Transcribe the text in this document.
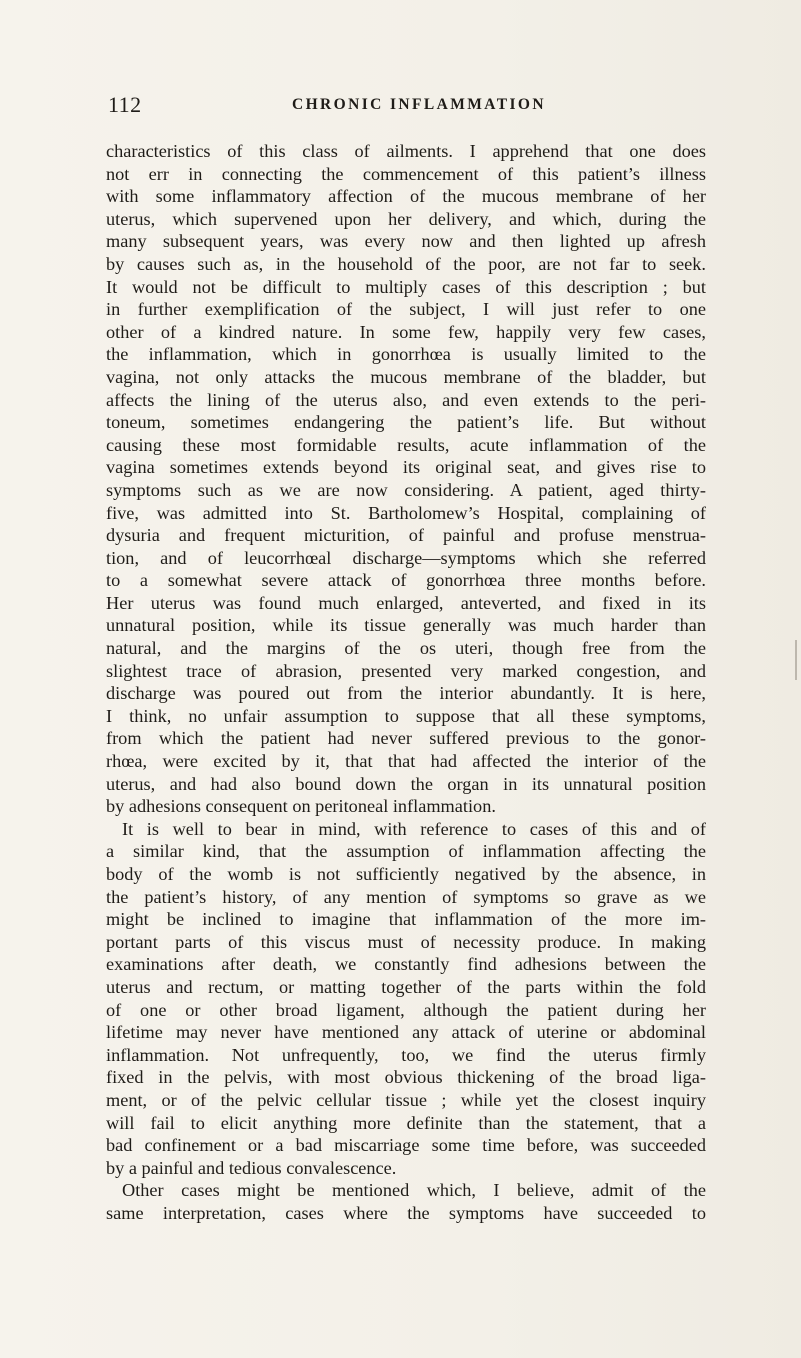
112	CHRONIC INFLAMMATION
characteristics of this class of ailments. I apprehend that one does
not err in connecting the commencement of this patient’s illness
with some inflammatory affection of the mucous membrane of her
uterus, which supervened upon her delivery, and which, during the
many subsequent years, was every now and then lighted up afresh
by causes such as, in the household of the poor, are not far to seek.
It would not be difficult to multiply cases of this description ; but
in further exemplification of the subject, I will just refer to one
other of a kindred nature. In some few, happily very few cases,
the inflammation, which in gonorrhœa is usually limited to the
vagina, not only attacks the mucous membrane of the bladder, but
affects the lining of the uterus also, and even extends to the peri-
toneum, sometimes endangering the patient’s life. But without
causing these most formidable results, acute inflammation of the
vagina sometimes extends beyond its original seat, and gives rise to
symptoms such as we are now considering. A patient, aged thirty-
five, was admitted into St. Bartholomew’s Hospital, complaining of
dysuria and frequent micturition, of painful and profuse menstrua-
tion, and of leucorrhœal discharge—symptoms which she referred
to a somewhat severe attack of gonorrhœa three months before.
Her uterus was found much enlarged, anteverted, and fixed in its
unnatural position, while its tissue generally was much harder than
natural, and the margins of the os uteri, though free from the
slightest trace of abrasion, presented very marked congestion, and
discharge was poured out from the interior abundantly. It is here,
I think, no unfair assumption to suppose that all these symptoms,
from which the patient had never suffered previous to the gonor-
rhœa, were excited by it, that that had affected the interior of the
uterus, and had also bound down the organ in its unnatural position
by adhesions consequent on peritoneal inflammation.
It is well to bear in mind, with reference to cases of this and of
a similar kind, that the assumption of inflammation affecting the
body of the womb is not sufficiently negatived by the absence, in
the patient’s history, of any mention of symptoms so grave as we
might be inclined to imagine that inflammation of the more im-
portant parts of this viscus must of necessity produce. In making
examinations after death, we constantly find adhesions between the
uterus and rectum, or matting together of the parts within the fold
of one or other broad ligament, although the patient during her
lifetime may never have mentioned any attack of uterine or abdominal
inflammation. Not unfrequently, too, we find the uterus firmly
fixed in the pelvis, with most obvious thickening of the broad liga-
ment, or of the pelvic cellular tissue ; while yet the closest inquiry
will fail to elicit anything more definite than the statement, that a
bad confinement or a bad miscarriage some time before, was succeeded
by a painful and tedious convalescence.
Other cases might be mentioned which, I believe, admit of the
same interpretation, cases where the symptoms have succeeded to
